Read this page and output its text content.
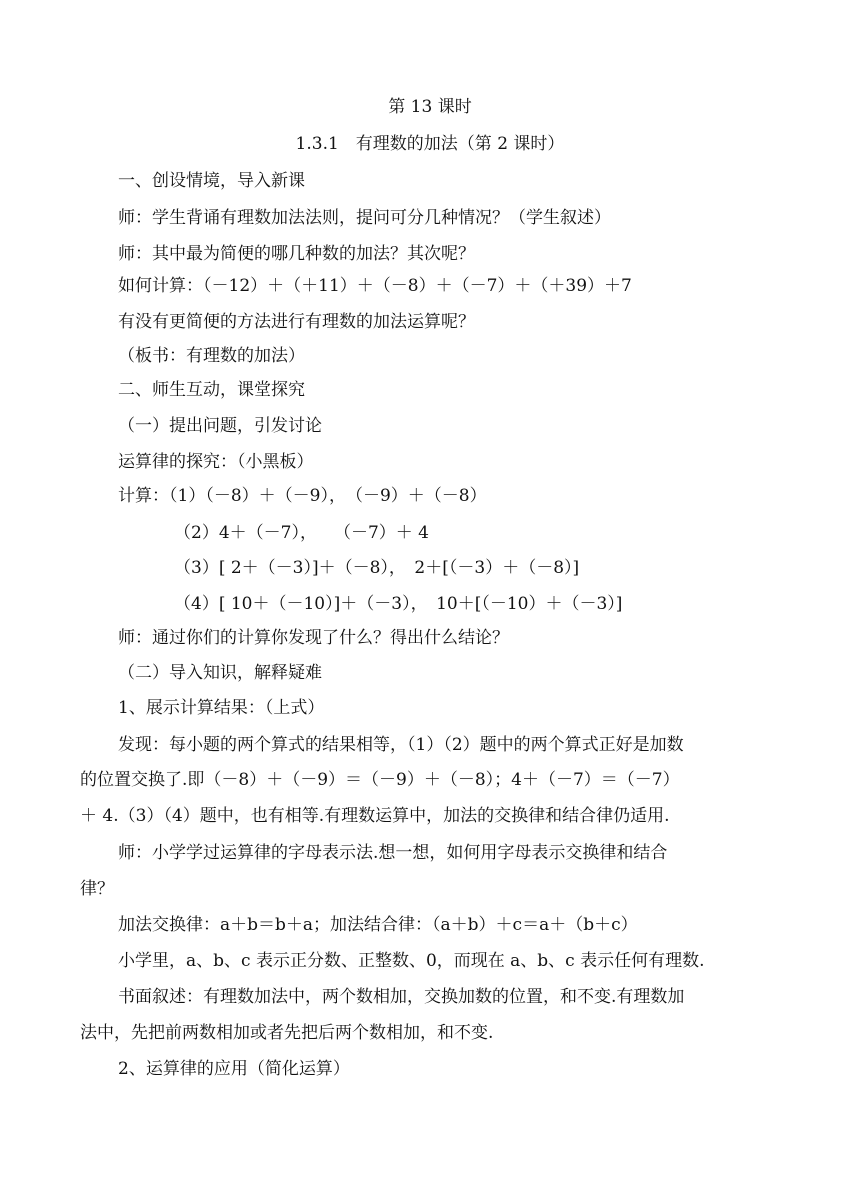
第 13 课时
1.3.1　有理数的加法（第 2 课时）
一、创设情境，导入新课
师：学生背诵有理数加法法则，提问可分几种情况？（学生叙述）
师：其中最为简便的哪几种数的加法？其次呢？
如何计算：（－12）＋（＋11）＋（－8）＋（－7）＋（＋39）＋7
有没有更简便的方法进行有理数的加法运算呢？
（板书：有理数的加法）
二、师生互动，课堂探究
（一）提出问题，引发讨论
运算律的探究：（小黑板）
计算：（1）（－8）＋（－9），　（－9）＋（－8）
（2）4＋（－7），　　（－7）＋ 4
（3）[ 2＋（－3）]＋（－8），　2＋[（－3）＋（－8）]
（4）[ 10＋（－10）]＋（－3），　10＋[（－10）＋（－3）]
师：通过你们的计算你发现了什么？得出什么结论？
（二）导入知识，解释疑难
1、展示计算结果：（上式）
发现：每小题的两个算式的结果相等，（1）（2）题中的两个算式正好是加数
的位置交换了.即（－8）＋（－9）＝（－9）＋（－8）；4＋（－7）＝（－7）
＋ 4.（3）（4）题中，也有相等.有理数运算中，加法的交换律和结合律仍适用.
师：小学学过运算律的字母表示法.想一想，如何用字母表示交换律和结合
律？
加法交换律：a＋b＝b＋a；加法结合律：（a＋b）＋c＝a＋（b＋c）
小学里，a、b、c 表示正分数、正整数、0，而现在 a、b、c 表示任何有理数.
书面叙述：有理数加法中，两个数相加，交换加数的位置，和不变.有理数加
法中，先把前两数相加或者先把后两个数相加，和不变.
2、运算律的应用（简化运算）
